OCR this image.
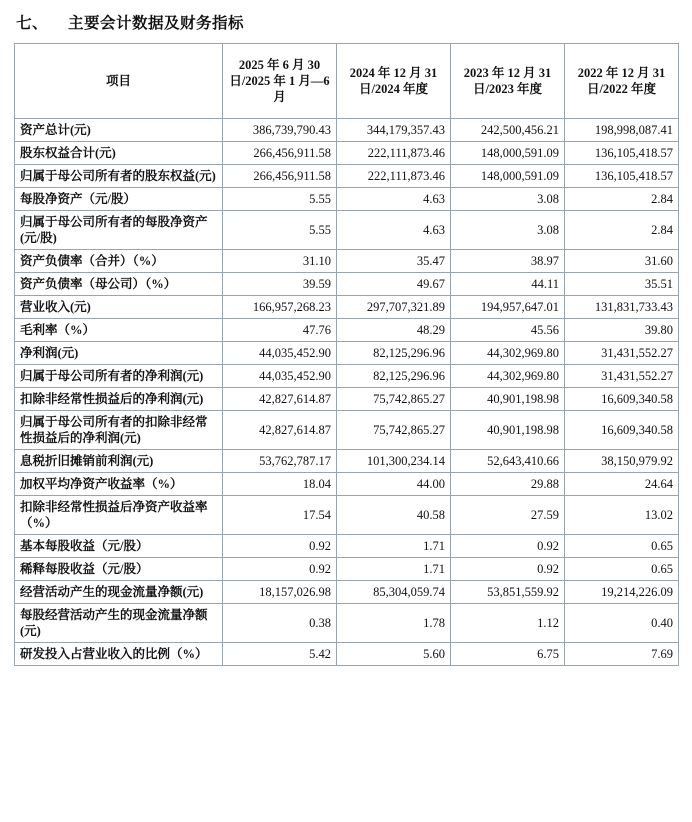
七、 主要会计数据及财务指标
项目	2025 年 6 月 30 日/2025 年 1 月—6 月	2024 年 12 月 31 日/2024 年度	2023 年 12 月 31 日/2023 年度	2022 年 12 月 31 日/2022 年度
资产总计(元)	386,739,790.43	344,179,357.43	242,500,456.21	198,998,087.41
股东权益合计(元)	266,456,911.58	222,111,873.46	148,000,591.09	136,105,418.57
归属于母公司所有者的股东权益(元)	266,456,911.58	222,111,873.46	148,000,591.09	136,105,418.57
每股净资产（元/股）	5.55	4.63	3.08	2.84
归属于母公司所有者的每股净资产(元/股)	5.55	4.63	3.08	2.84
资产负债率（合并）（%）	31.10	35.47	38.97	31.60
资产负债率（母公司）（%）	39.59	49.67	44.11	35.51
营业收入(元)	166,957,268.23	297,707,321.89	194,957,647.01	131,831,733.43
毛利率（%）	47.76	48.29	45.56	39.80
净利润(元)	44,035,452.90	82,125,296.96	44,302,969.80	31,431,552.27
归属于母公司所有者的净利润(元)	44,035,452.90	82,125,296.96	44,302,969.80	31,431,552.27
扣除非经常性损益后的净利润(元)	42,827,614.87	75,742,865.27	40,901,198.98	16,609,340.58
归属于母公司所有者的扣除非经常性损益后的净利润(元)	42,827,614.87	75,742,865.27	40,901,198.98	16,609,340.58
息税折旧摊销前利润(元)	53,762,787.17	101,300,234.14	52,643,410.66	38,150,979.92
加权平均净资产收益率（%）	18.04	44.00	29.88	24.64
扣除非经常性损益后净资产收益率（%）	17.54	40.58	27.59	13.02
基本每股收益（元/股）	0.92	1.71	0.92	0.65
稀释每股收益（元/股）	0.92	1.71	0.92	0.65
经营活动产生的现金流量净额(元)	18,157,026.98	85,304,059.74	53,851,559.92	19,214,226.09
每股经营活动产生的现金流量净额(元)	0.38	1.78	1.12	0.40
研发投入占营业收入的比例（%）	5.42	5.60	6.75	7.69
